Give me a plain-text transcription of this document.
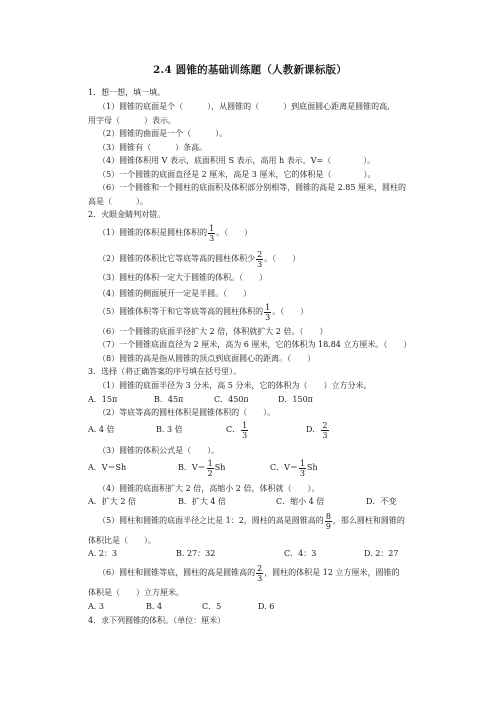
2.4 圆锥的基础训练题（人教新课标版）
1．想一想，填一填。
（1）圆锥的底面是个（　　　），从圆锥的（　　　）到底面圆心距离是圆锥的高,
用字母（　　　）表示。
（2）圆锥的曲面是一个（　　　）。
（3）圆锥有（　　　）条高。
（4）圆锥体积用 V 表示，底面积用 S 表示，高用 h 表示，V=（　　　　）。
（5）一个圆锥的底面直径是 2 厘米，高是 3 厘米，它的体积是（　　　　）。
（6）一个圆锥和一个圆柱的底面积及体积部分别相等，圆锥的高是 2.85 厘米，圆柱的
高是（　　　）。
2．火眼金睛判对错。
（1）圆锥的体积是圆柱体积的 $\frac{1}{3}$ 。（　　）
（2）圆锥的体积比它等底等高的圆柱体积少 $\frac{2}{3}$ 。（　　）
（3）圆柱的体积一定大于圆锥的体积。（　　）
（4）圆锥的侧面展开一定是半圆。（　　）
（5）圆锥体积等于和它等底等高的圆柱体积的 $\frac{1}{3}$ 。（　　）
（6）一个圆锥的底面半径扩大 2 倍，体积就扩大 2 倍。（　　）
（7）一个圆锥底面直径为 2 厘米，高为 6 厘米，它的体积为 18.84 立方厘米。（　　）
（8）圆锥的高是指从圆锥的顶点到底面圆心的距离。（　　）
3．选择（将正确答案的序号填在括号里）。
（1）圆锥的底面半径为 3 分米，高 5 分米，它的体积为（　　）立方分米。
A．15π	B．45π	C．450π	D．150π
（2）等底等高的圆柱体积是圆锥体积的（　　）。
A. 4 倍	B. 3 倍	C． $\frac{1}{3}$	D． $\frac{2}{3}$
（3）圆锥的体积公式是（　　）。
A．V＝Sh	B．$V= \frac{1}{2}$ Sh	C．$V= \frac{1}{3}$ Sh
（4）圆锥的底面积扩大 2 倍，高缩小 2 倍，体积就（　　）。
A．扩大 2 倍	B．扩大 4 倍	C．缩小 4 倍	D．不变
（5）圆柱和圆锥的底面半径之比是 1：2，圆柱的高是圆锥高的 $\frac{8}{9}$ ，那么圆柱和圆锥的
体积比是（　　）。
A. 2：3	B. 27：32	C．4：3	D. 2：27
（6）圆柱和圆锥等底，圆柱的高是圆锥高的 $\frac{2}{3}$ ，圆柱的体积是 12 立方厘米，圆锥的
体积是（　　）立方厘米。
A. 3	B. 4	C．5	D. 6
4．求下列圆锥的体积。（单位：厘米）
